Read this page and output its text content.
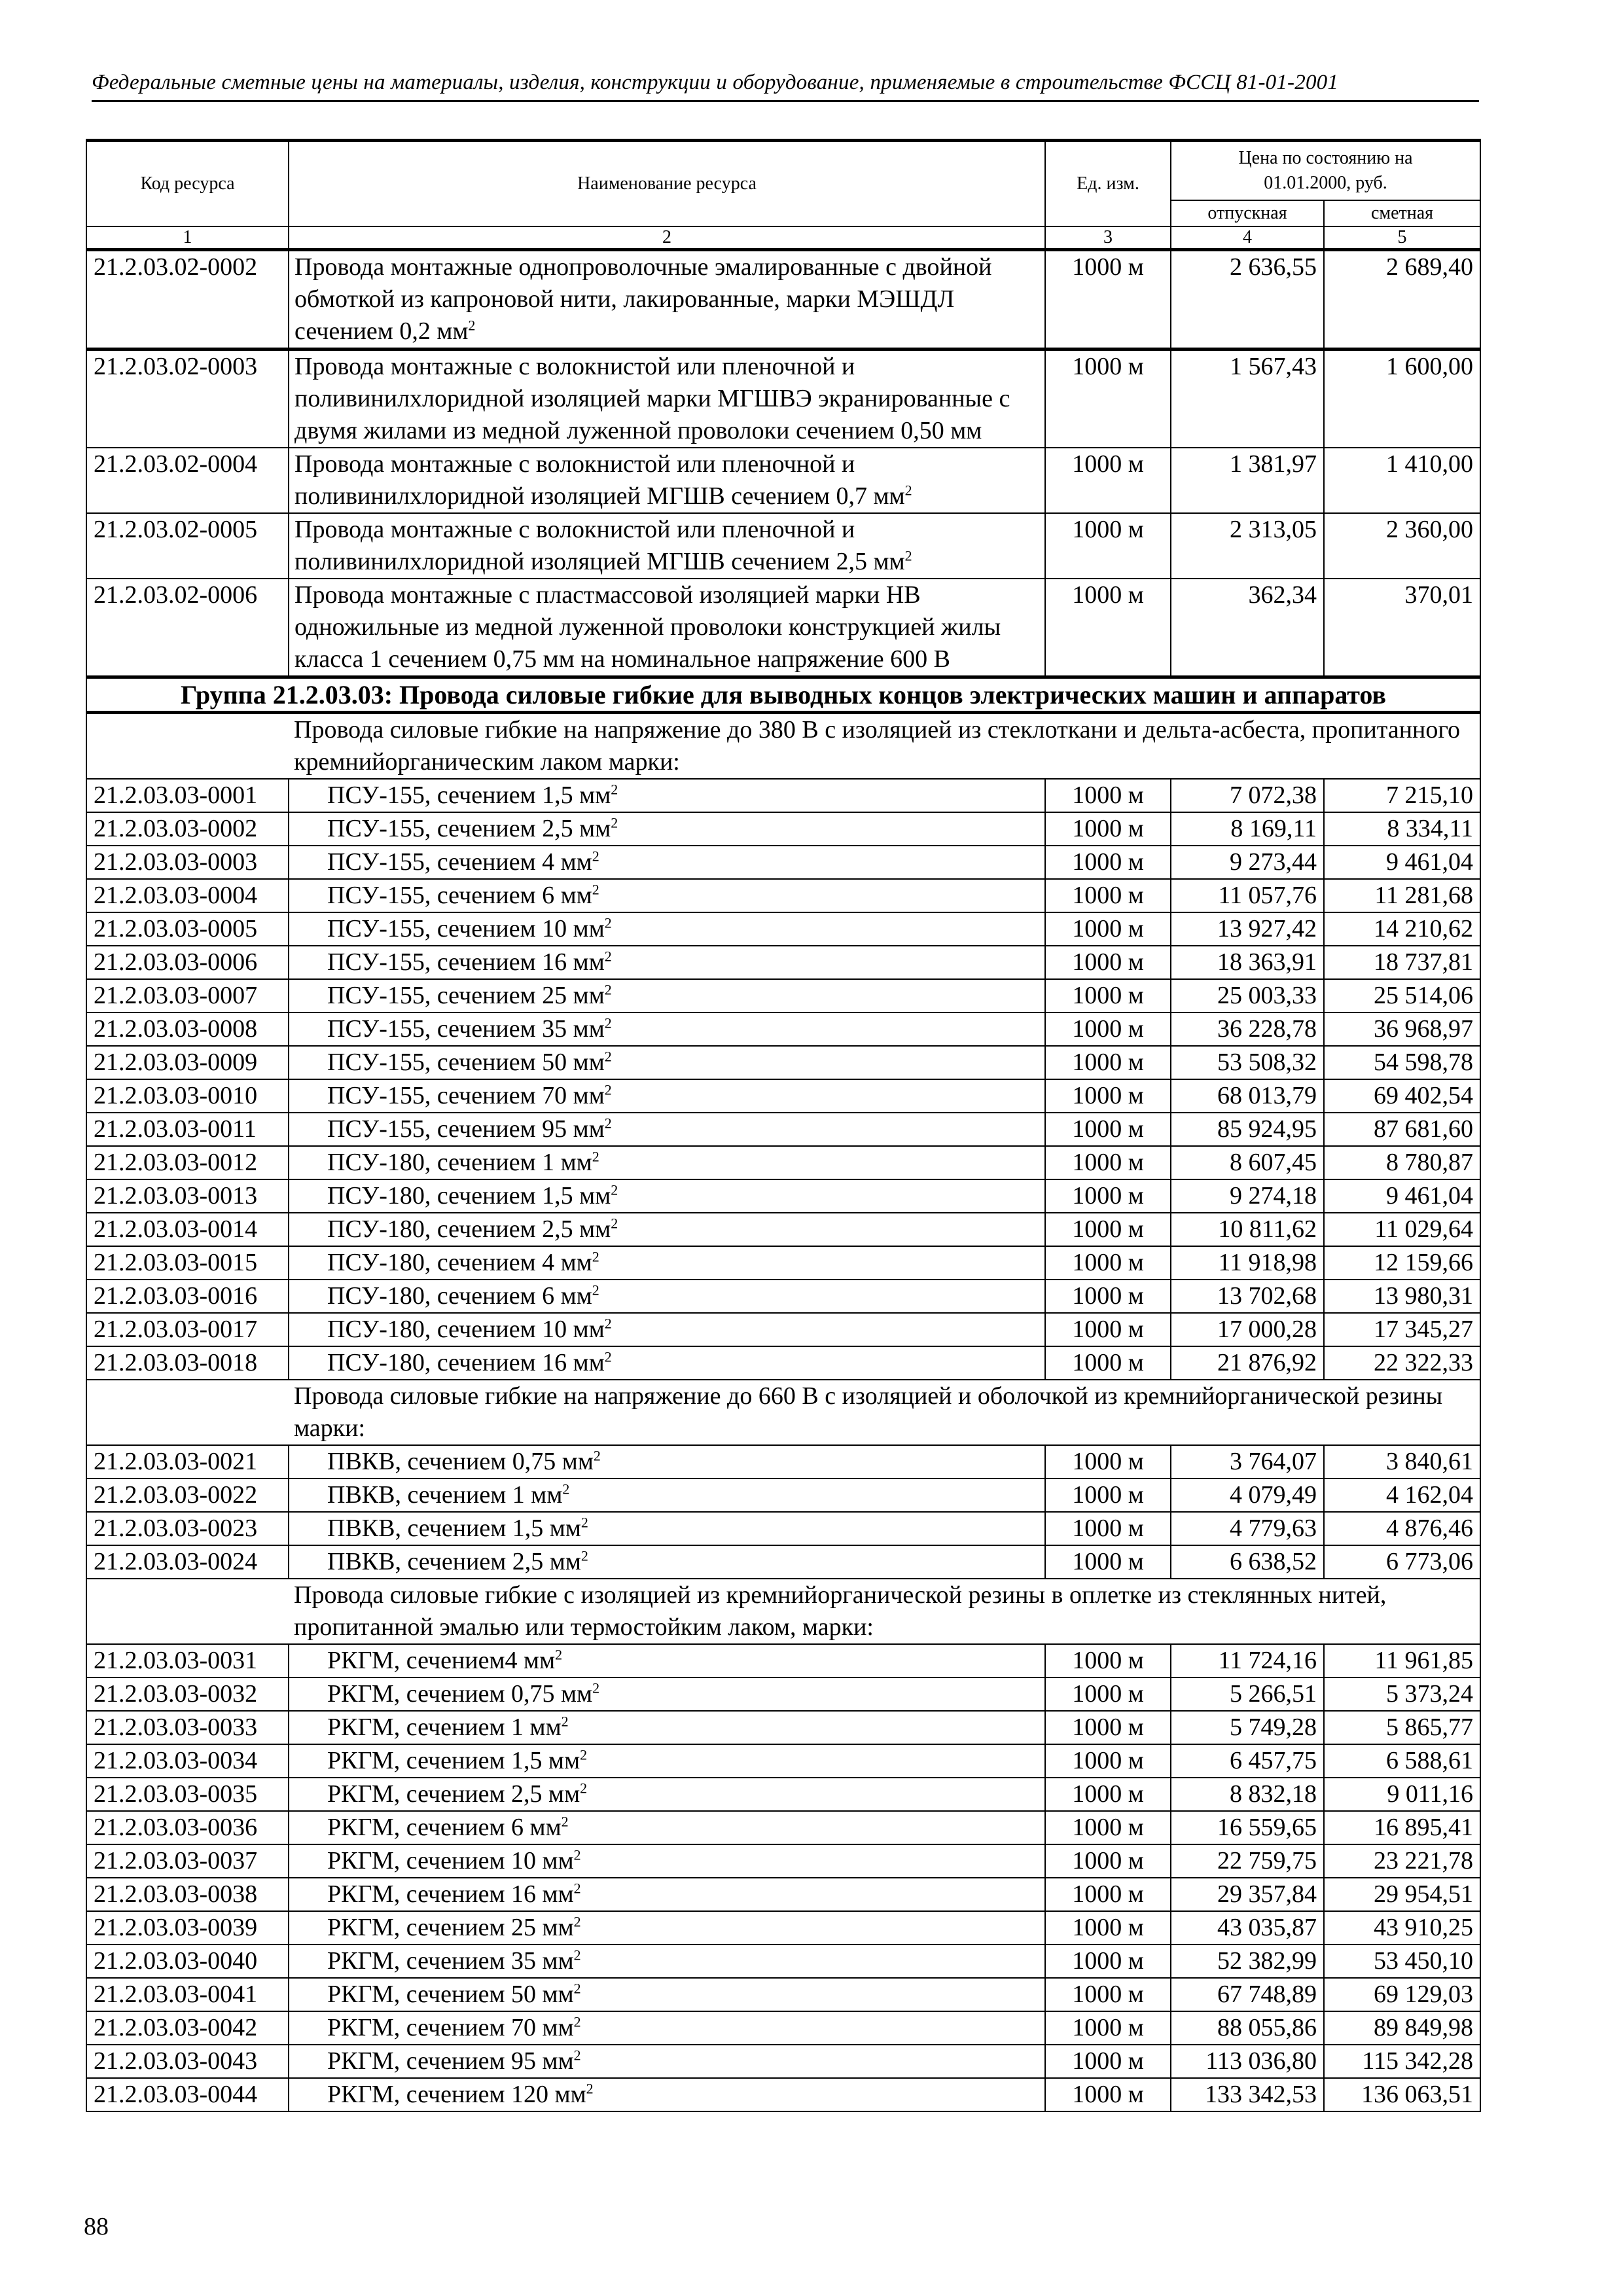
Федеральные сметные цены на материалы, изделия, конструкции и оборудование, применяемые в строительстве ФССЦ 81-01-2001
Код ресурса	Наименование ресурса	Ед. изм.	Цена по состоянию на 01.01.2000, руб.	
			отпускная	сметная
1	2	3	4	5
21.2.03.02-0002	Провода монтажные однопроволочные эмалированные с двойной обмоткой из капроновой нити, лакированные, марки МЭШДЛ сечением 0,2 $мм^2$	1000 м	2 636,55	2 689,40
21.2.03.02-0003	Провода монтажные с волокнистой или пленочной и поливинилхлоридной изоляцией марки МГШВЭ экранированные с двумя жилами из медной луженной проволоки сечением 0,50 мм	1000 м	1 567,43	1 600,00
21.2.03.02-0004	Провода монтажные с волокнистой или пленочной и поливинилхлоридной изоляцией МГШВ сечением 0,7 $мм^2$	1000 м	1 381,97	1 410,00
21.2.03.02-0005	Провода монтажные с волокнистой или пленочной и поливинилхлоридной изоляцией МГШВ сечением 2,5 $мм^2$	1000 м	2 313,05	2 360,00
21.2.03.02-0006	Провода монтажные с пластмассовой изоляцией марки НВ одножильные из медной луженной проволоки конструкцией жилы класса 1 сечением 0,75 мм на номинальное напряжение 600 В	1000 м	362,34	370,01
Группа 21.2.03.03: Провода силовые гибкие для выводных концов электрических машин и аппаратов				
	Провода силовые гибкие на напряжение до 380 В с изоляцией из стеклоткани и дельта-асбеста, пропитанного кремнийорганическим лаком марки:			
21.2.03.03-0001	ПСУ-155, сечением 1,5 $мм^2$	1000 м	7 072,38	7 215,10
21.2.03.03-0002	ПСУ-155, сечением 2,5 $мм^2$	1000 м	8 169,11	8 334,11
21.2.03.03-0003	ПСУ-155, сечением 4 $мм^2$	1000 м	9 273,44	9 461,04
21.2.03.03-0004	ПСУ-155, сечением 6 $мм^2$	1000 м	11 057,76	11 281,68
21.2.03.03-0005	ПСУ-155, сечением 10 $мм^2$	1000 м	13 927,42	14 210,62
21.2.03.03-0006	ПСУ-155, сечением 16 $мм^2$	1000 м	18 363,91	18 737,81
21.2.03.03-0007	ПСУ-155, сечением 25 $мм^2$	1000 м	25 003,33	25 514,06
21.2.03.03-0008	ПСУ-155, сечением 35 $мм^2$	1000 м	36 228,78	36 968,97
21.2.03.03-0009	ПСУ-155, сечением 50 $мм^2$	1000 м	53 508,32	54 598,78
21.2.03.03-0010	ПСУ-155, сечением 70 $мм^2$	1000 м	68 013,79	69 402,54
21.2.03.03-0011	ПСУ-155, сечением 95 $мм^2$	1000 м	85 924,95	87 681,60
21.2.03.03-0012	ПСУ-180, сечением 1 $мм^2$	1000 м	8 607,45	8 780,87
21.2.03.03-0013	ПСУ-180, сечением 1,5 $мм^2$	1000 м	9 274,18	9 461,04
21.2.03.03-0014	ПСУ-180, сечением 2,5 $мм^2$	1000 м	10 811,62	11 029,64
21.2.03.03-0015	ПСУ-180, сечением 4 $мм^2$	1000 м	11 918,98	12 159,66
21.2.03.03-0016	ПСУ-180, сечением 6 $мм^2$	1000 м	13 702,68	13 980,31
21.2.03.03-0017	ПСУ-180, сечением 10 $мм^2$	1000 м	17 000,28	17 345,27
21.2.03.03-0018	ПСУ-180, сечением 16 $мм^2$	1000 м	21 876,92	22 322,33
	Провода силовые гибкие на напряжение до 660 В с изоляцией и оболочкой из кремнийорганической резины марки:			
21.2.03.03-0021	ПВКВ, сечением 0,75 $мм^2$	1000 м	3 764,07	3 840,61
21.2.03.03-0022	ПВКВ, сечением 1 $мм^2$	1000 м	4 079,49	4 162,04
21.2.03.03-0023	ПВКВ, сечением 1,5 $мм^2$	1000 м	4 779,63	4 876,46
21.2.03.03-0024	ПВКВ, сечением 2,5 $мм^2$	1000 м	6 638,52	6 773,06
	Провода силовые гибкие с изоляцией из кремнийорганической резины в оплетке из стеклянных нитей, пропитанной эмалью или термостойким лаком, марки:			
21.2.03.03-0031	РКГМ, сечением4 $мм^2$	1000 м	11 724,16	11 961,85
21.2.03.03-0032	РКГМ, сечением 0,75 $мм^2$	1000 м	5 266,51	5 373,24
21.2.03.03-0033	РКГМ, сечением 1 $мм^2$	1000 м	5 749,28	5 865,77
21.2.03.03-0034	РКГМ, сечением 1,5 $мм^2$	1000 м	6 457,75	6 588,61
21.2.03.03-0035	РКГМ, сечением 2,5 $мм^2$	1000 м	8 832,18	9 011,16
21.2.03.03-0036	РКГМ, сечением 6 $мм^2$	1000 м	16 559,65	16 895,41
21.2.03.03-0037	РКГМ, сечением 10 $мм^2$	1000 м	22 759,75	23 221,78
21.2.03.03-0038	РКГМ, сечением 16 $мм^2$	1000 м	29 357,84	29 954,51
21.2.03.03-0039	РКГМ, сечением 25 $мм^2$	1000 м	43 035,87	43 910,25
21.2.03.03-0040	РКГМ, сечением 35 $мм^2$	1000 м	52 382,99	53 450,10
21.2.03.03-0041	РКГМ, сечением 50 $мм^2$	1000 м	67 748,89	69 129,03
21.2.03.03-0042	РКГМ, сечением 70 $мм^2$	1000 м	88 055,86	89 849,98
21.2.03.03-0043	РКГМ, сечением 95 $мм^2$	1000 м	113 036,80	115 342,28
21.2.03.03-0044	РКГМ, сечением 120 $мм^2$	1000 м	133 342,53	136 063,51
88
